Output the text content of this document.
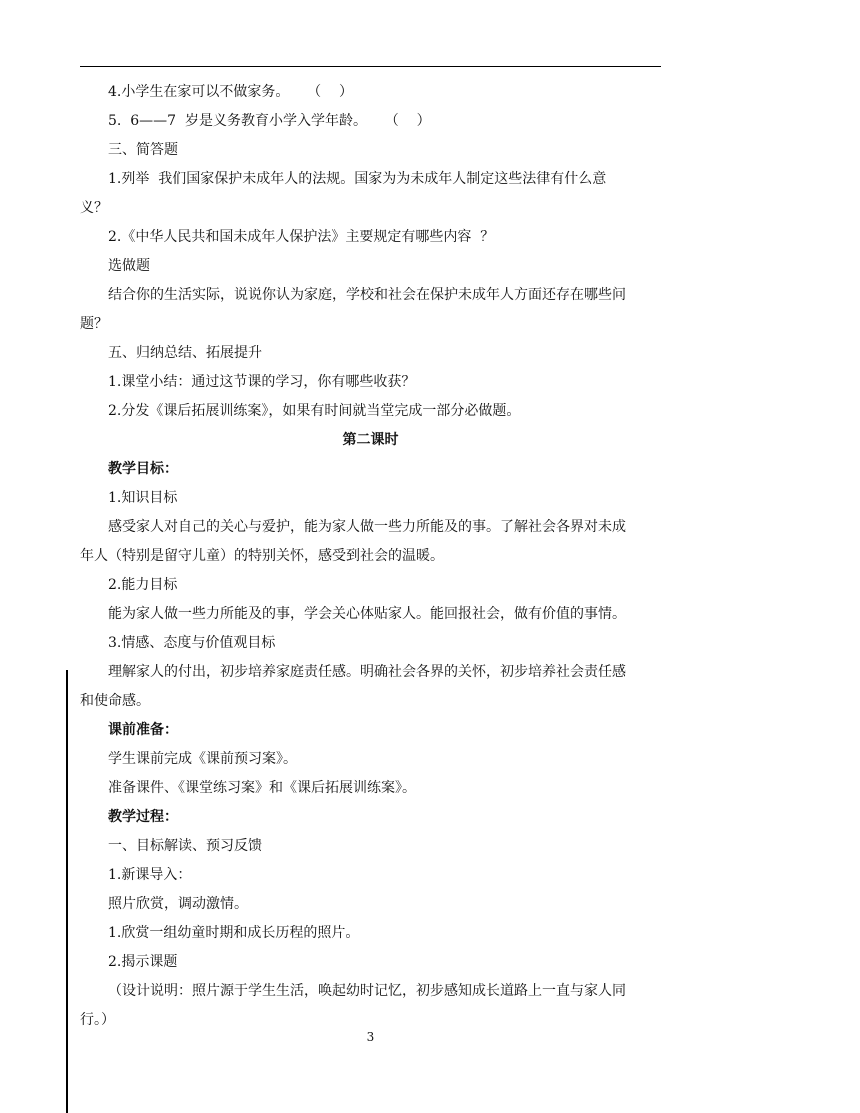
4.小学生在家可以不做家务。    （    ）
5.  6——7  岁是义务教育小学入学年龄。    （    ）
三、简答题
1.列举  我们国家保护未成年人的法规。国家为为未成年人制定这些法律有什么意
义？
2.《中华人民共和国未成年人保护法》主要规定有哪些内容  ？
选做题
结合你的生活实际，说说你认为家庭，学校和社会在保护未成年人方面还存在哪些问
题？
五、归纳总结、拓展提升
1.课堂小结：通过这节课的学习，你有哪些收获？
2.分发《课后拓展训练案》，如果有时间就当堂完成一部分必做题。
第二课时
教学目标：
1.知识目标
感受家人对自己的关心与爱护，能为家人做一些力所能及的事。了解社会各界对未成
年人（特别是留守儿童）的特别关怀，感受到社会的温暖。
2.能力目标
能为家人做一些力所能及的事，学会关心体贴家人。能回报社会，做有价值的事情。
3.情感、态度与价值观目标
理解家人的付出，初步培养家庭责任感。明确社会各界的关怀，初步培养社会责任感
和使命感。
课前准备：
学生课前完成《课前预习案》。
准备课件、《课堂练习案》和《课后拓展训练案》。
教学过程：
一、目标解读、预习反馈
1.新课导入：
照片欣赏，调动激情。
1.欣赏一组幼童时期和成长历程的照片。
2.揭示课题
（设计说明：照片源于学生生活，唤起幼时记忆，初步感知成长道路上一直与家人同
行。）
3
